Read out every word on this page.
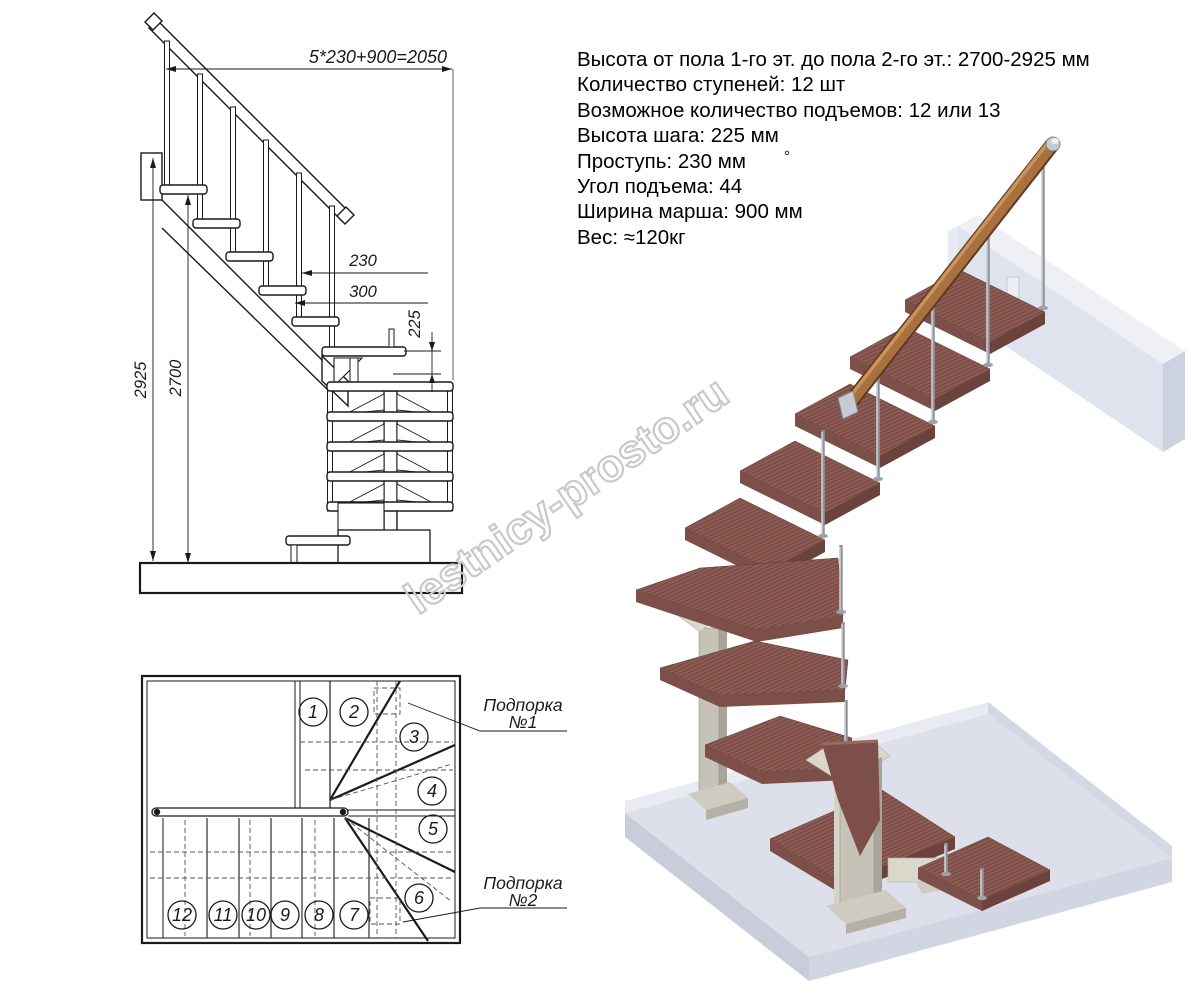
5*230+900=2050
230
300
225
2925 2700
1 2
3
4
5
6
7
8
9
10
11
12
Подпорка
№1
Подпорка
№2
Высота от пола 1-го эт. до пола 2-го эт.: 2700-2925 мм
Количество ступеней: 12 шт
Возможное количество подъемов: 12 или 13
Высота шага: 225 мм
Проступь: 230 мм
Угол подъема: 44
Ширина марша: 900 мм
Вес: ≈120кг
°
lestnicy-prosto.ru
